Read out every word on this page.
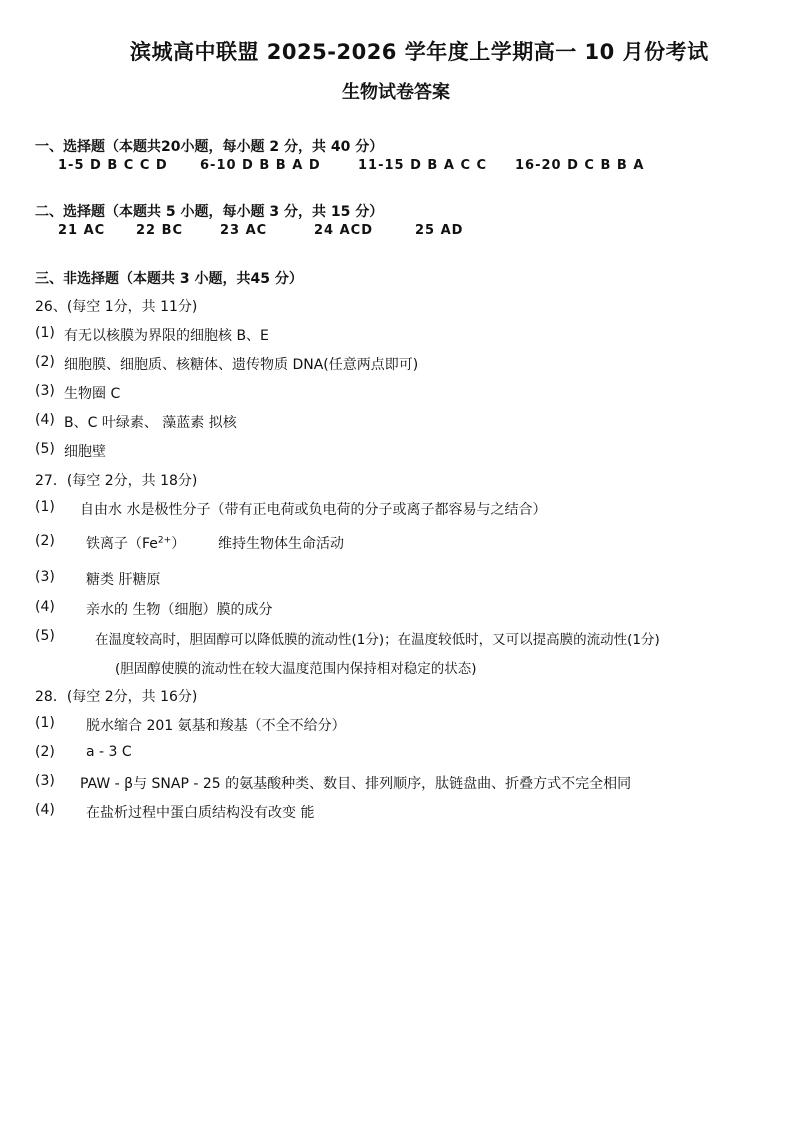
滨城高中联盟 2025-2026 学年度上学期高一 10 月份考试
生物试卷答案
一、选择题（本题共20小题，每小题 2 分，共 40 分）
1-5 D B C C D 6-10 D B B A D	11-15 D B A C C 16-20 D C B B A
二、选择题（本题共 5 小题，每小题 3 分，共 15 分）
21 AC 22 BC	23 AC	24 ACD	25 AD
三、非选择题（本题共 3 小题，共45 分）
26、(每空 1分，共 11分)
(1) 有无以核膜为界限的细胞核 B、E
(2) 细胞膜、细胞质、核糖体、遗传物质 DNA(任意两点即可)
(3) 生物圈 C
(4) B、C 叶绿素、 藻蓝素 拟核
(5) 细胞壁
27．(每空 2分，共 18分)
(1) 自由水 水是极性分子（带有正电荷或负电荷的分子或离子都容易与之结合）
(2) 铁离子$(Fe^{2+})$ 维持生物体生命活动
(3) 糖类 肝糖原
(4) 亲水的 生物（细胞）膜的成分
(5)	在温度较高时，胆固醇可以降低膜的流动性(1分)；在温度较低时，又可以提高膜的流动性(1分)
(胆固醇使膜的流动性在较大温度范围内保持相对稳定的状态)
28．(每空 2分，共 16分)
(1) 脱水缩合 201 氨基和羧基（不全不给分）
(2) a - 3 C
(3) PAW - β与 SNAP - 25 的氨基酸种类、数目、排列顺序，肽链盘曲、折叠方式不完全相同
(4) 在盐析过程中蛋白质结构没有改变 能
